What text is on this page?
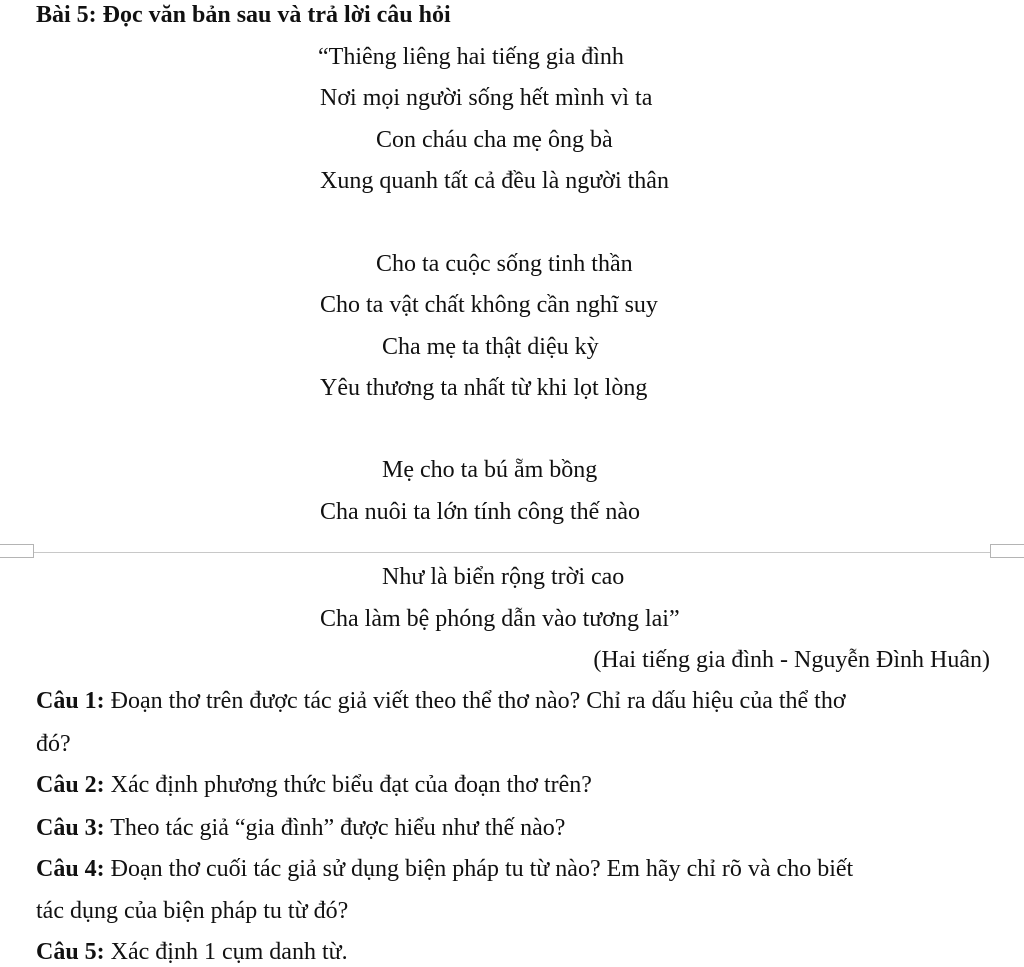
Bài 5: Đọc văn bản sau và trả lời câu hỏi
“Thiêng liêng hai tiếng gia đình
Nơi mọi người sống hết mình vì ta
Con cháu cha mẹ ông bà
Xung quanh tất cả đều là người thân
Cho ta cuộc sống tinh thần
Cho ta vật chất không cần nghĩ suy
Cha mẹ ta thật diệu kỳ
Yêu thương ta nhất từ khi lọt lòng
Mẹ cho ta bú ẵm bồng
Cha nuôi ta lớn tính công thế nào
Như là biển rộng trời cao
Cha làm bệ phóng dẫn vào tương lai”
(Hai tiếng gia đình - Nguyễn Đình Huân)
Câu 1: Đoạn thơ trên được tác giả viết theo thể thơ nào? Chỉ ra dấu hiệu của thể thơ
đó?
Câu 2: Xác định phương thức biểu đạt của đoạn thơ trên?
Câu 3: Theo tác giả “gia đình” được hiểu như thế nào?
Câu 4: Đoạn thơ cuối tác giả sử dụng biện pháp tu từ nào? Em hãy chỉ rõ và cho biết
tác dụng của biện pháp tu từ đó?
Câu 5: Xác định 1 cụm danh từ.
